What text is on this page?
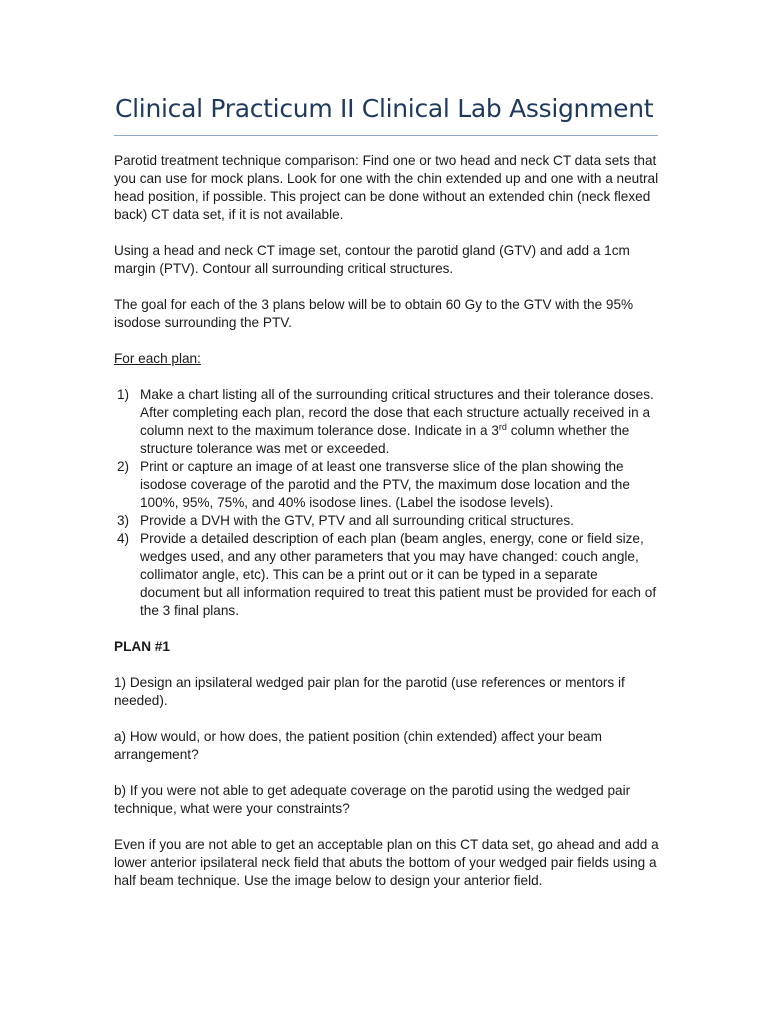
Clinical Practicum II Clinical Lab Assignment

Parotid treatment technique comparison: Find one or two head and neck CT data sets that you can use for mock plans. Look for one with the chin extended up and one with a neutral head position, if possible. This project can be done without an extended chin (neck flexed back) CT data set, if it is not available.

Using a head and neck CT image set, contour the parotid gland (GTV) and add a 1cm margin (PTV). Contour all surrounding critical structures.

The goal for each of the 3 plans below will be to obtain 60 Gy to the GTV with the 95% isodose surrounding the PTV.

For each plan:

1) Make a chart listing all of the surrounding critical structures and their tolerance doses. After completing each plan, record the dose that each structure actually received in a column next to the maximum tolerance dose. Indicate in a 3rd column whether the structure tolerance was met or exceeded.
2) Print or capture an image of at least one transverse slice of the plan showing the isodose coverage of the parotid and the PTV, the maximum dose location and the 100%, 95%, 75%, and 40% isodose lines. (Label the isodose levels).
3) Provide a DVH with the GTV, PTV and all surrounding critical structures.
4) Provide a detailed description of each plan (beam angles, energy, cone or field size, wedges used, and any other parameters that you may have changed: couch angle, collimator angle, etc). This can be a print out or it can be typed in a separate document but all information required to treat this patient must be provided for each of the 3 final plans.

PLAN #1

1) Design an ipsilateral wedged pair plan for the parotid (use references or mentors if needed).

a) How would, or how does, the patient position (chin extended) affect your beam arrangement?

b) If you were not able to get adequate coverage on the parotid using the wedged pair technique, what were your constraints?

Even if you are not able to get an acceptable plan on this CT data set, go ahead and add a lower anterior ipsilateral neck field that abuts the bottom of your wedged pair fields using a half beam technique. Use the image below to design your anterior field.
